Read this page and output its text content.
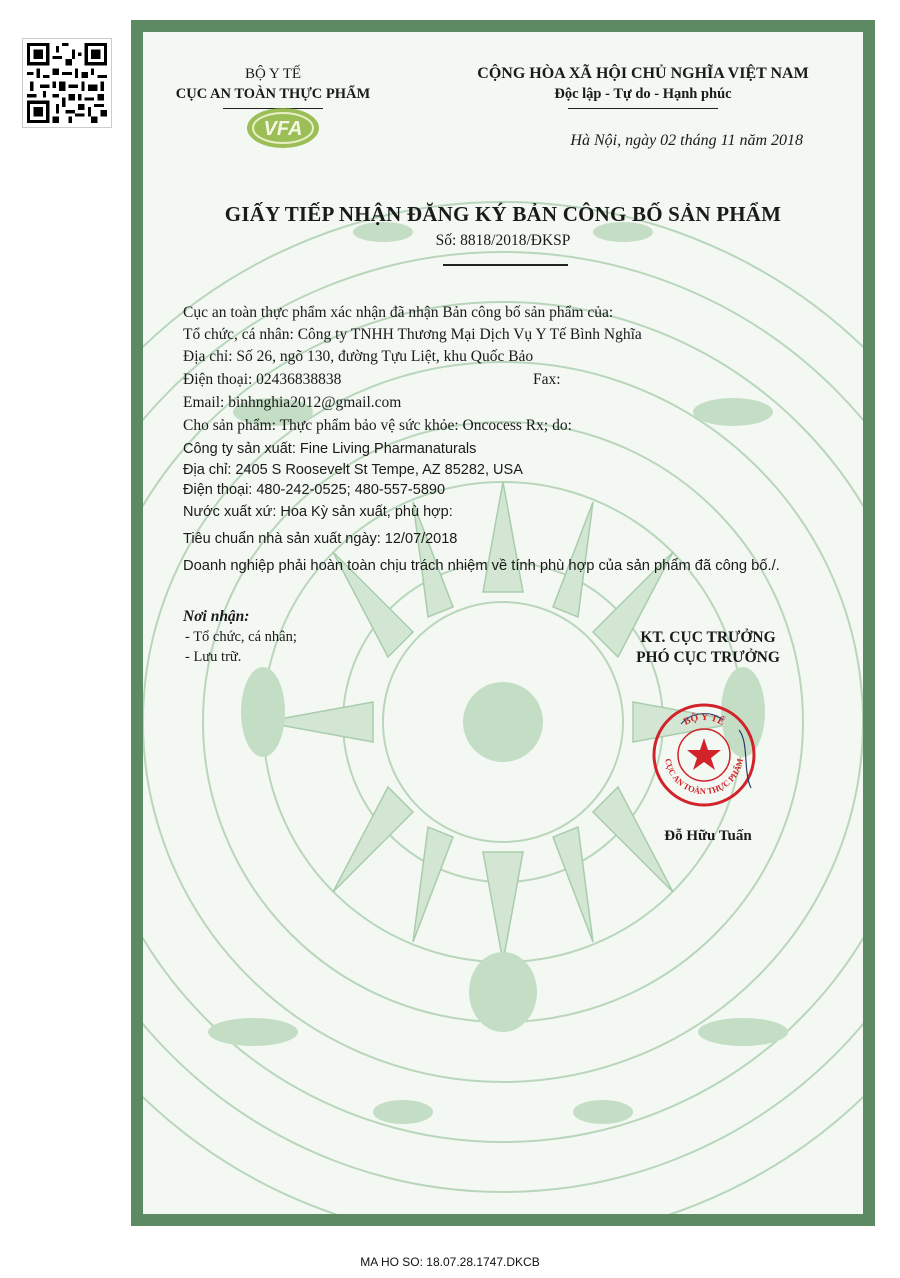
BỘ Y TẾ
CỤC AN TOÀN THỰC PHẨM
VFA
CỘNG HÒA XÃ HỘI CHỦ NGHĨA VIỆT NAM
Độc lập - Tự do - Hạnh phúc
Hà Nội, ngày 02 tháng 11 năm 2018
GIẤY TIẾP NHẬN ĐĂNG KÝ BẢN CÔNG BỐ SẢN PHẨM
Số: 8818/2018/ĐKSP
Cục an toàn thực phẩm xác nhận đã nhận Bản công bố sản phẩm của:
Tổ chức, cá nhân: Công ty TNHH Thương Mại Dịch Vụ Y Tế Bình Nghĩa
Địa chỉ: Số 26, ngõ 130, đường Tựu Liệt, khu Quốc Bảo
Điện thoại: 02436838838	Fax:
Email: binhnghia2012@gmail.com
Cho sản phẩm: Thực phẩm bảo vệ sức khỏe: Oncocess Rx; do:
Công ty sản xuất: Fine Living Pharmanaturals
Địa chỉ: 2405 S Roosevelt St Tempe, AZ 85282, USA
Điện thoại: 480-242-0525; 480-557-5890
Nước xuất xứ: Hoa Kỳ sản xuất, phù hợp:
Tiêu chuẩn nhà sản xuất ngày: 12/07/2018
Doanh nghiệp phải hoàn toàn chịu trách nhiệm về tính phù hợp của sản phẩm đã công bố./.
Nơi nhận:
- Tổ chức, cá nhân;
- Lưu trữ.
KT. CỤC TRƯỞNG
PHÓ CỤC TRƯỞNG
BỘ Y TẾ
CỤC AN TOÀN THỰC PHẨM
Đỗ Hữu Tuấn
MA HO SO: 18.07.28.1747.DKCB
